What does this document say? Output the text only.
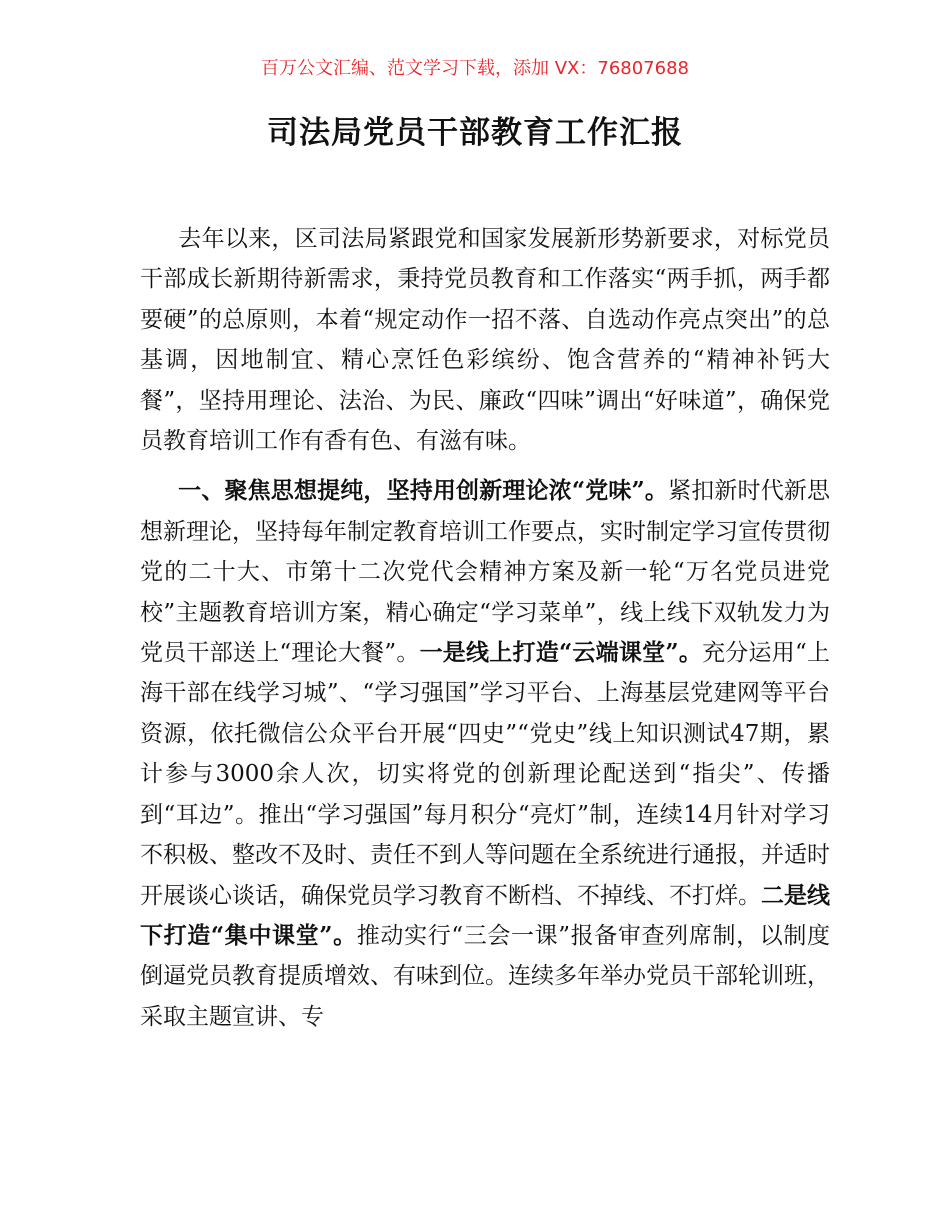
百万公文汇编、范文学习下载，添加 VX：76807688
司法局党员干部教育工作汇报

去年以来，区司法局紧跟党和国家发展新形势新要求，对标党员干部成长新期待新需求，秉持党员教育和工作落实“两手抓，两手都要硬”的总原则，本着“规定动作一招不落、自选动作亮点突出”的总基调，因地制宜、精心烹饪色彩缤纷、饱含营养的“精神补钙大餐”，坚持用理论、法治、为民、廉政“四味”调出“好味道”，确保党员教育培训工作有香有色、有滋有味。

一、聚焦思想提纯，坚持用创新理论浓“党味”。紧扣新时代新思想新理论，坚持每年制定教育培训工作要点，实时制定学习宣传贯彻党的二十大、市第十二次党代会精神方案及新一轮“万名党员进党校”主题教育培训方案，精心确定“学习菜单”，线上线下双轨发力为党员干部送上“理论大餐”。一是线上打造“云端课堂”。充分运用“上海干部在线学习城”、“学习强国”学习平台、上海基层党建网等平台资源，依托微信公众平台开展“四史”“党史”线上知识测试47期，累计参与3000余人次，切实将党的创新理论配送到“指尖”、传播到“耳边”。推出“学习强国”每月积分“亮灯”制，连续14月针对学习不积极、整改不及时、责任不到人等问题在全系统进行通报，并适时开展谈心谈话，确保党员学习教育不断档、不掉线、不打烊。二是线下打造“集中课堂”。推动实行“三会一课”报备审查列席制，以制度倒逼党员教育提质增效、有味到位。连续多年举办党员干部轮训班，采取主题宣讲、专
